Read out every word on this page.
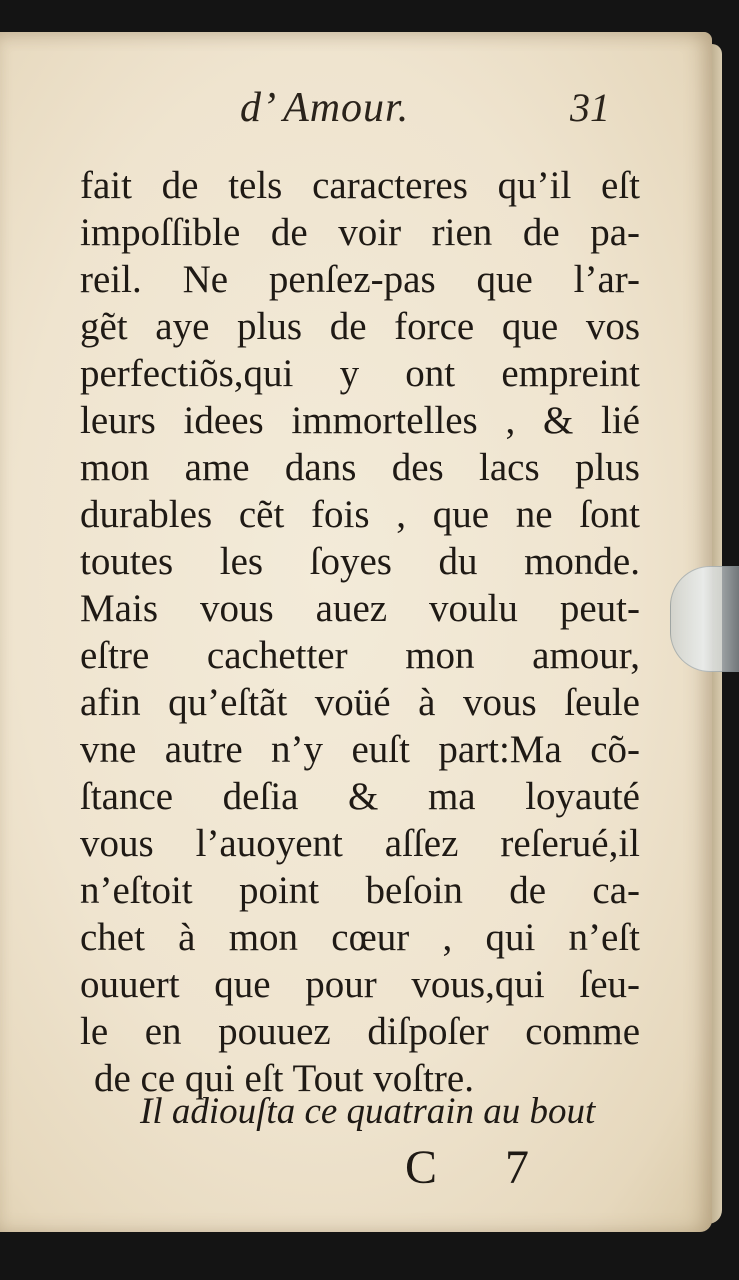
d’ Amour.	31
fait de tels caracteres qu’il eſt
impoſſible de voir rien de pa-
reil. Ne penſez-pas que l’ar-
gẽt aye plus de force que vos
perfectiõs,qui y ont empreint
leurs idees immortelles , & lié
mon ame dans des lacs plus
durables cẽt fois , que ne ſont
toutes les ſoyes du monde.
Mais vous auez voulu peut-
eſtre cachetter mon amour,
afin qu’eſtãt voüé à vous ſeule
vne autre n’y euſt part:Ma cõ-
ſtance deſia & ma loyauté
vous l’auoyent aſſez reſerué,il
n’eſtoit point beſoin de ca-
chet à mon cœur , qui n’eſt
ouuert que pour vous,qui ſeu-
le en pouuez diſpoſer comme
de ce qui eſt Tout voſtre.
Il adiouſta ce quatrain au bout
C 7
